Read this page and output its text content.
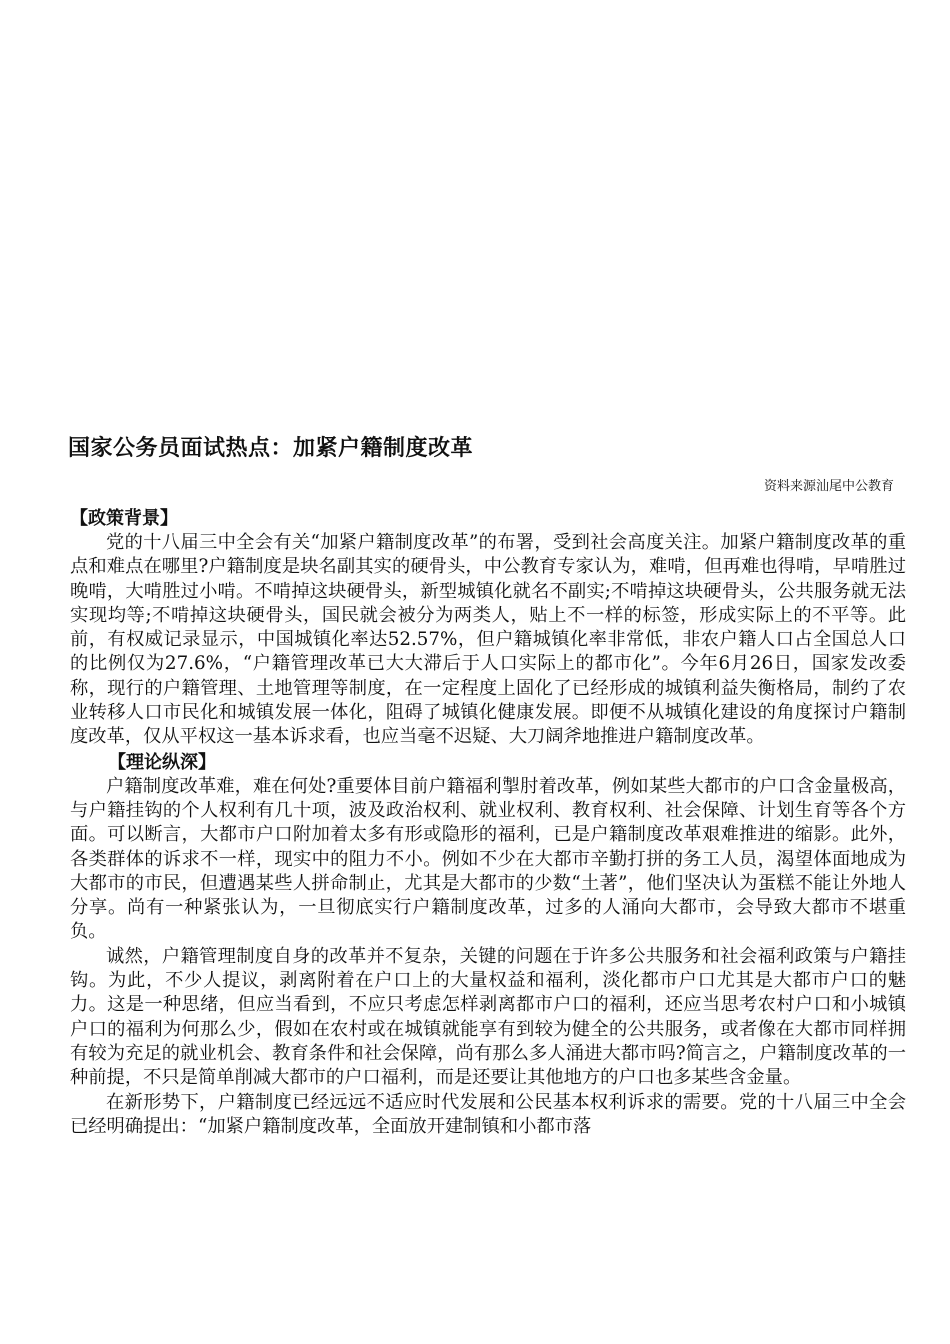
国家公务员面试热点：加紧户籍制度改革
资料来源汕尾中公教育
【政策背景】

党的十八届三中全会有关“加紧户籍制度改革”的布署，受到社会高度关注。加紧户籍制度改革的重点和难点在哪里?户籍制度是块名副其实的硬骨头，中公教育专家认为，难啃，但再难也得啃，早啃胜过晚啃，大啃胜过小啃。不啃掉这块硬骨头，新型城镇化就名不副实;不啃掉这块硬骨头，公共服务就无法实现均等;不啃掉这块硬骨头，国民就会被分为两类人，贴上不一样的标签，形成实际上的不平等。此前，有权威记录显示，中国城镇化率达52.57%，但户籍城镇化率非常低，非农户籍人口占全国总人口的比例仅为27.6%，“户籍管理改革已大大滞后于人口实际上的都市化”。今年6月26日，国家发改委称，现行的户籍管理、土地管理等制度，在一定程度上固化了已经形成的城镇利益失衡格局，制约了农业转移人口市民化和城镇发展一体化，阻碍了城镇化健康发展。即便不从城镇化建设的角度探讨户籍制度改革，仅从平权这一基本诉求看，也应当毫不迟疑、大刀阔斧地推进户籍制度改革。

【理论纵深】

户籍制度改革难，难在何处?重要体目前户籍福利掣肘着改革，例如某些大都市的户口含金量极高，与户籍挂钩的个人权利有几十项，波及政治权利、就业权利、教育权利、社会保障、计划生育等各个方面。可以断言，大都市户口附加着太多有形或隐形的福利，已是户籍制度改革艰难推进的缩影。此外，各类群体的诉求不一样，现实中的阻力不小。例如不少在大都市辛勤打拼的务工人员，渴望体面地成为大都市的市民，但遭遇某些人拼命制止，尤其是大都市的少数“土著”，他们坚决认为蛋糕不能让外地人分享。尚有一种紧张认为，一旦彻底实行户籍制度改革，过多的人涌向大都市，会导致大都市不堪重负。

诚然，户籍管理制度自身的改革并不复杂，关键的问题在于许多公共服务和社会福利政策与户籍挂钩。为此，不少人提议，剥离附着在户口上的大量权益和福利，淡化都市户口尤其是大都市户口的魅力。这是一种思绪，但应当看到，不应只考虑怎样剥离都市户口的福利，还应当思考农村户口和小城镇户口的福利为何那么少，假如在农村或在城镇就能享有到较为健全的公共服务，或者像在大都市同样拥有较为充足的就业机会、教育条件和社会保障，尚有那么多人涌进大都市吗?简言之，户籍制度改革的一种前提，不只是简单削减大都市的户口福利，而是还要让其他地方的户口也多某些含金量。

在新形势下，户籍制度已经远远不适应时代发展和公民基本权利诉求的需要。党的十八届三中全会已经明确提出：“加紧户籍制度改革，全面放开建制镇和小都市落
